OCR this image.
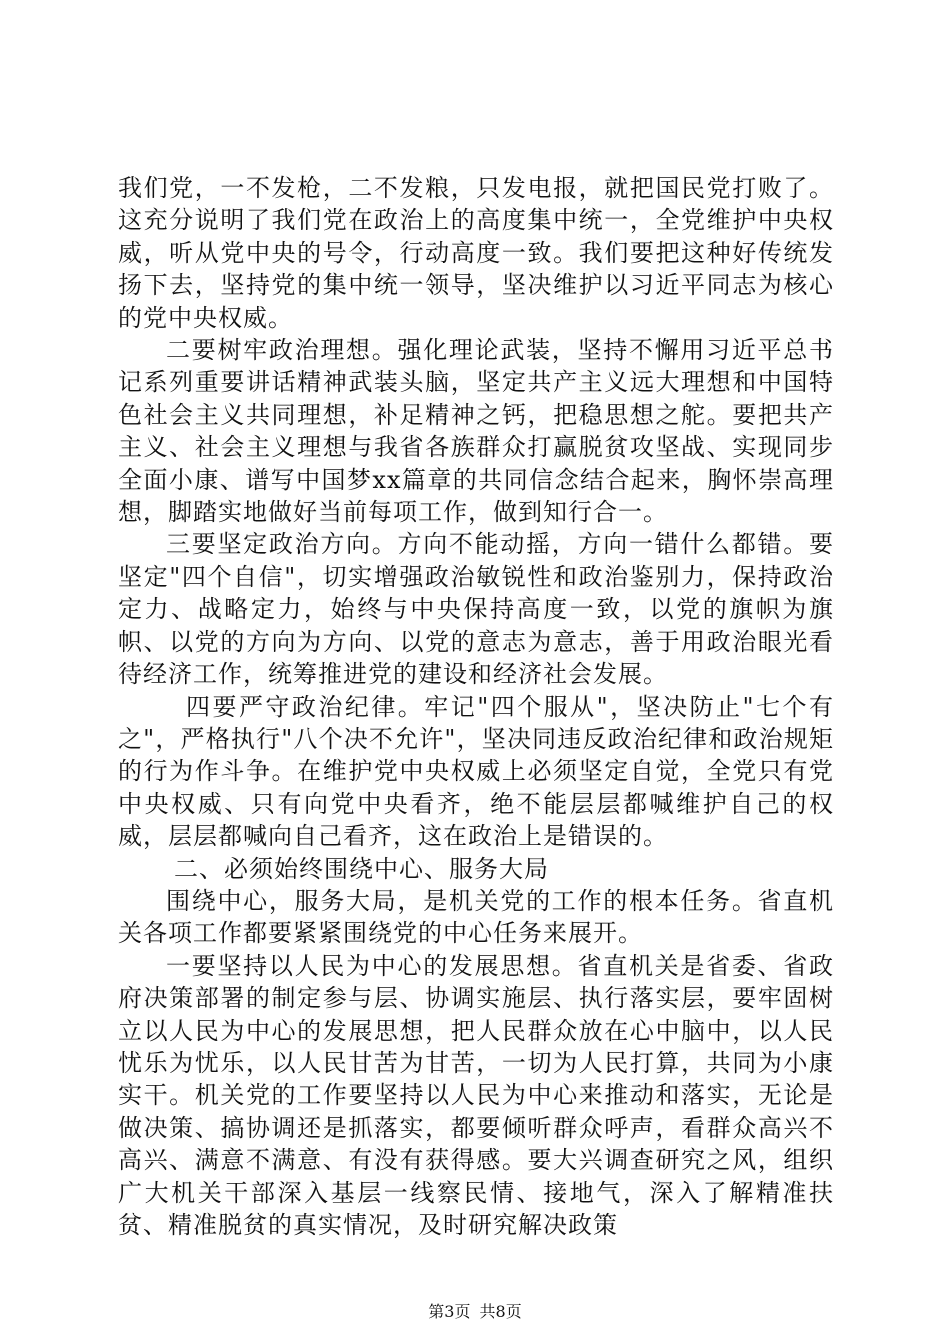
我们党，一不发枪，二不发粮，只发电报，就把国民党打败了。这充分说明了我们党在政治上的高度集中统一，全党维护中央权威，听从党中央的号令，行动高度一致。我们要把这种好传统发扬下去，坚持党的集中统一领导，坚决维护以习近平同志为核心的党中央权威。

二要树牢政治理想。强化理论武装，坚持不懈用习近平总书记系列重要讲话精神武装头脑，坚定共产主义远大理想和中国特色社会主义共同理想，补足精神之钙，把稳思想之舵。要把共产主义、社会主义理想与我省各族群众打赢脱贫攻坚战、实现同步全面小康、谱写中国梦xx篇章的共同信念结合起来，胸怀崇高理想，脚踏实地做好当前每项工作，做到知行合一。

三要坚定政治方向。方向不能动摇，方向一错什么都错。要坚定"四个自信"，切实增强政治敏锐性和政治鉴别力，保持政治定力、战略定力，始终与中央保持高度一致，以党的旗帜为旗帜、以党的方向为方向、以党的意志为意志，善于用政治眼光看待经济工作，统筹推进党的建设和经济社会发展。

四要严守政治纪律。牢记"四个服从"，坚决防止"七个有之"，严格执行"八个决不允许"，坚决同违反政治纪律和政治规矩的行为作斗争。在维护党中央权威上必须坚定自觉，全党只有党中央权威、只有向党中央看齐，绝不能层层都喊维护自己的权威，层层都喊向自己看齐，这在政治上是错误的。

二、必须始终围绕中心、服务大局

围绕中心，服务大局，是机关党的工作的根本任务。省直机关各项工作都要紧紧围绕党的中心任务来展开。

一要坚持以人民为中心的发展思想。省直机关是省委、省政府决策部署的制定参与层、协调实施层、执行落实层，要牢固树立以人民为中心的发展思想，把人民群众放在心中脑中，以人民忧乐为忧乐，以人民甘苦为甘苦，一切为人民打算，共同为小康实干。机关党的工作要坚持以人民为中心来推动和落实，无论是做决策、搞协调还是抓落实，都要倾听群众呼声，看群众高兴不高兴、满意不满意、有没有获得感。要大兴调查研究之风，组织广大机关干部深入基层一线察民情、接地气，深入了解精准扶贫、精准脱贫的真实情况，及时研究解决政策

第3页 共8页
